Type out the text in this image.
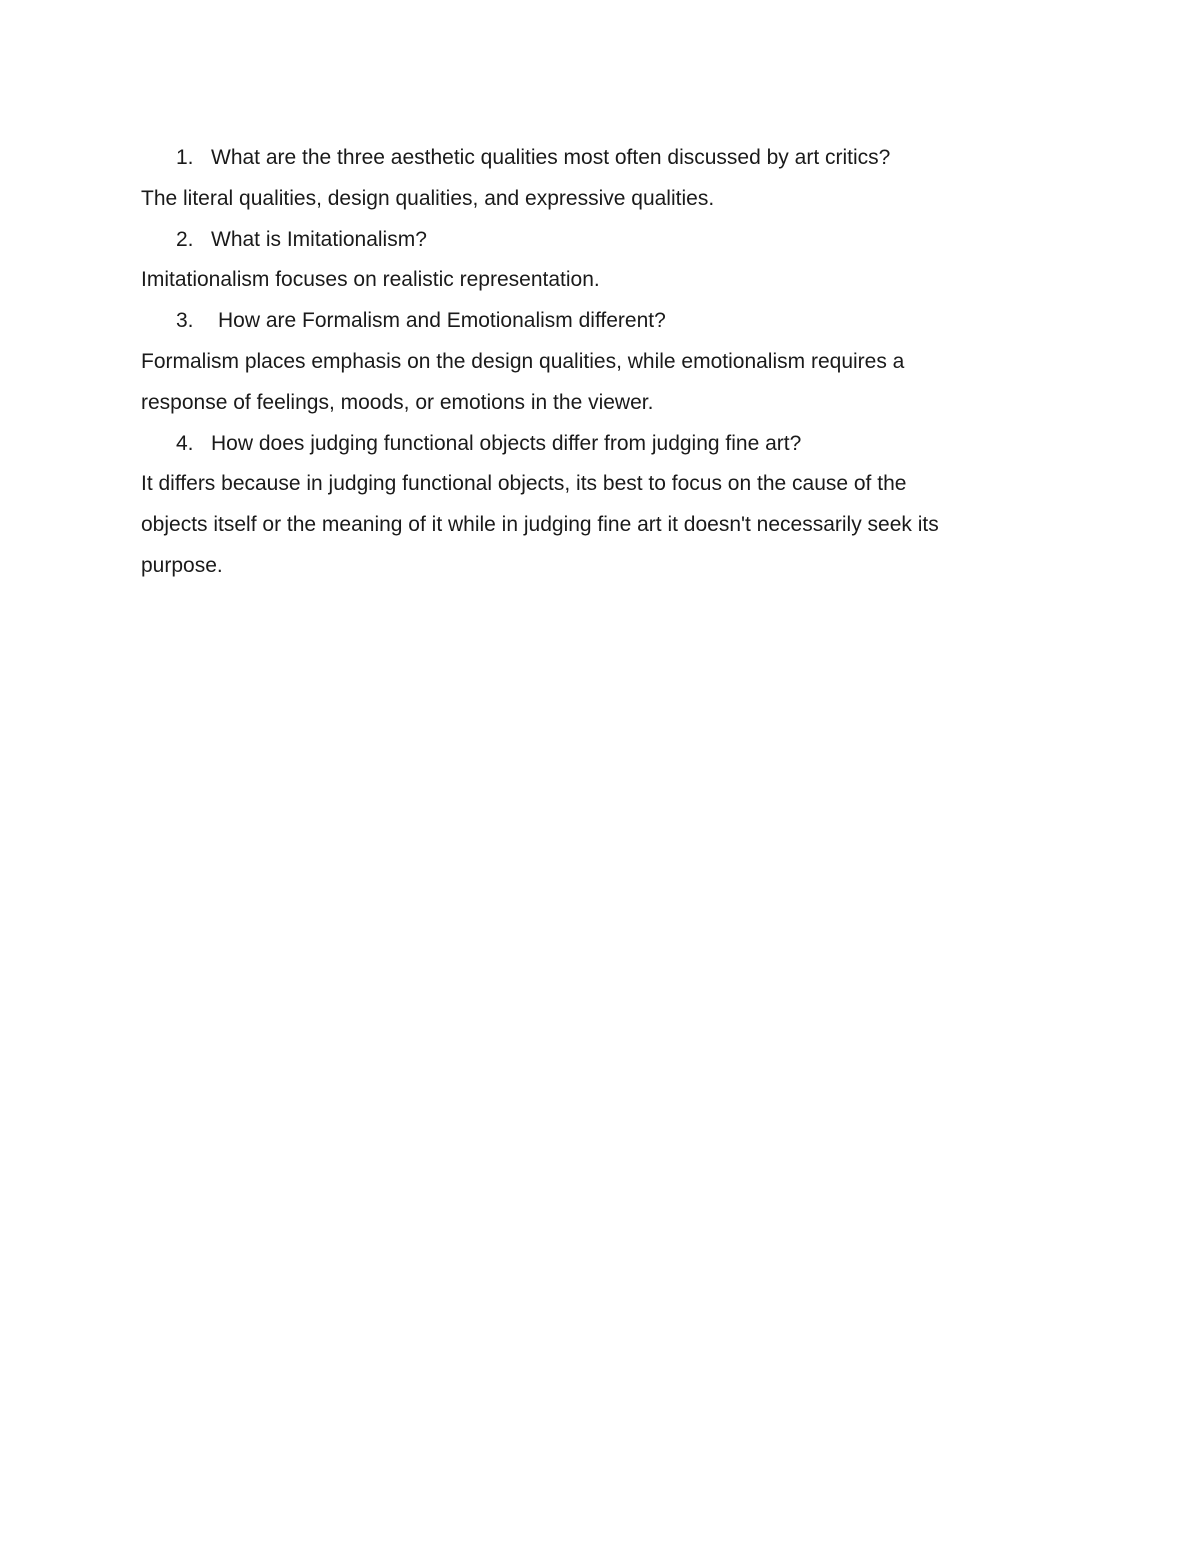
1. What are the three aesthetic qualities most often discussed by art critics?
The literal qualities, design qualities, and expressive qualities.
2. What is Imitationalism?
Imitationalism focuses on realistic representation.
3.	How are Formalism and Emotionalism different?
Formalism places emphasis on the design qualities, while emotionalism requires a
response of feelings, moods, or emotions in the viewer.
4. How does judging functional objects differ from judging fine art?
It differs because in judging functional objects, its best to focus on the cause of the
objects itself or the meaning of it while in judging fine art it doesn't necessarily seek its
purpose.
